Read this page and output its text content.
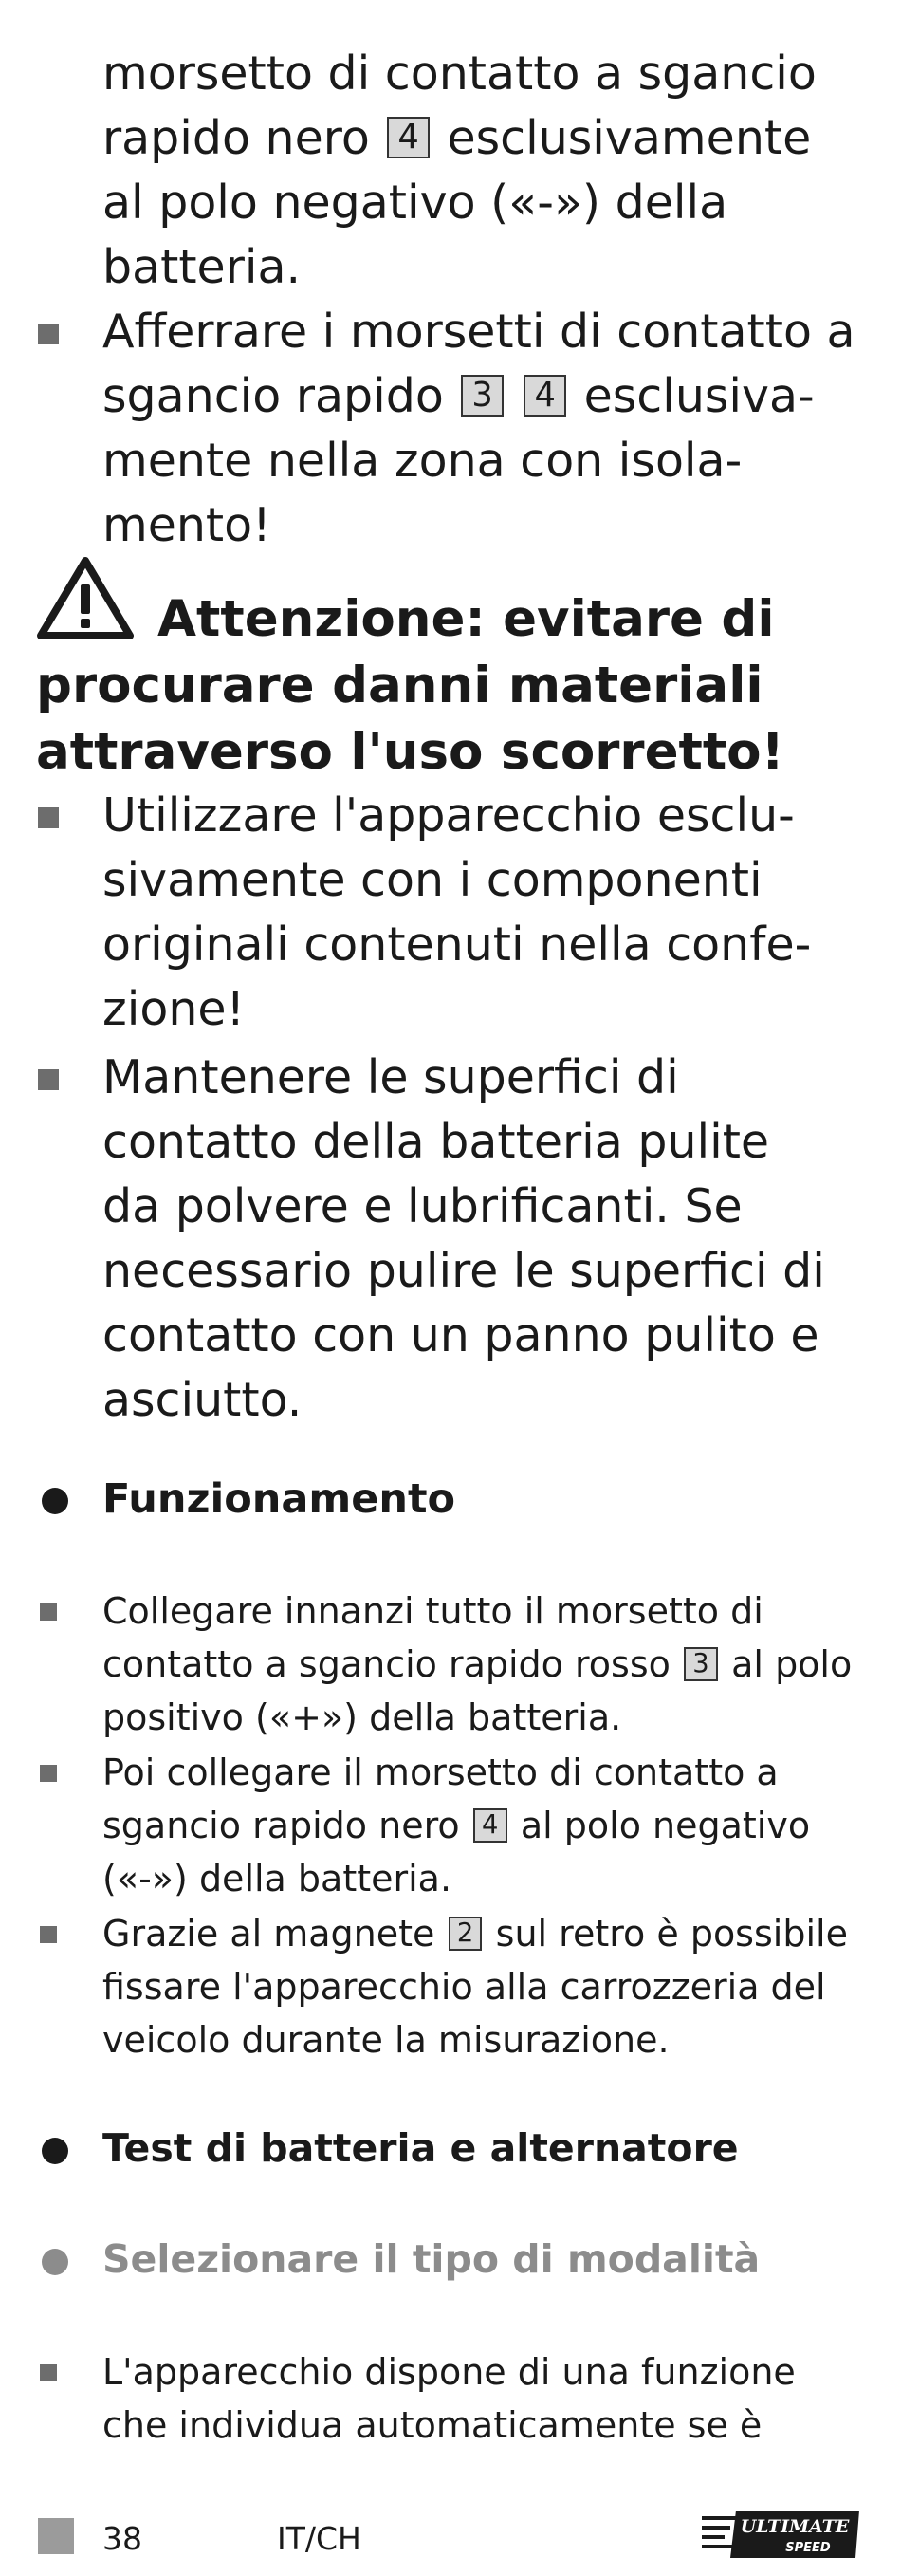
morsetto di contatto a sgancio
rapido nero 4 esclusivamente
al polo negativo («-») della
batteria.
Afferrare i morsetti di contatto a
sgancio rapido 3 4 esclusiva-
mente nella zona con isola-
mento!
Attenzione: evitare di
procurare danni materiali
attraverso l'uso scorretto!
Utilizzare l'apparecchio esclu-
sivamente con i componenti
originali contenuti nella confe-
zione!
Mantenere le superfici di
contatto della batteria pulite
da polvere e lubrificanti. Se
necessario pulire le superfici di
contatto con un panno pulito e
asciutto.
Funzionamento
Collegare innanzi tutto il morsetto di
contatto a sgancio rapido rosso 3 al polo
positivo («+») della batteria.
Poi collegare il morsetto di contatto a
sgancio rapido nero 4 al polo negativo
(«-») della batteria.
Grazie al magnete 2 sul retro è possibile
fissare l'apparecchio alla carrozzeria del
veicolo durante la misurazione.
Test di batteria e alternatore
Selezionare il tipo di modalità
L'apparecchio dispone di una funzione
che individua automaticamente se è
38	IT/CH	ULTIMATE
SPEED
